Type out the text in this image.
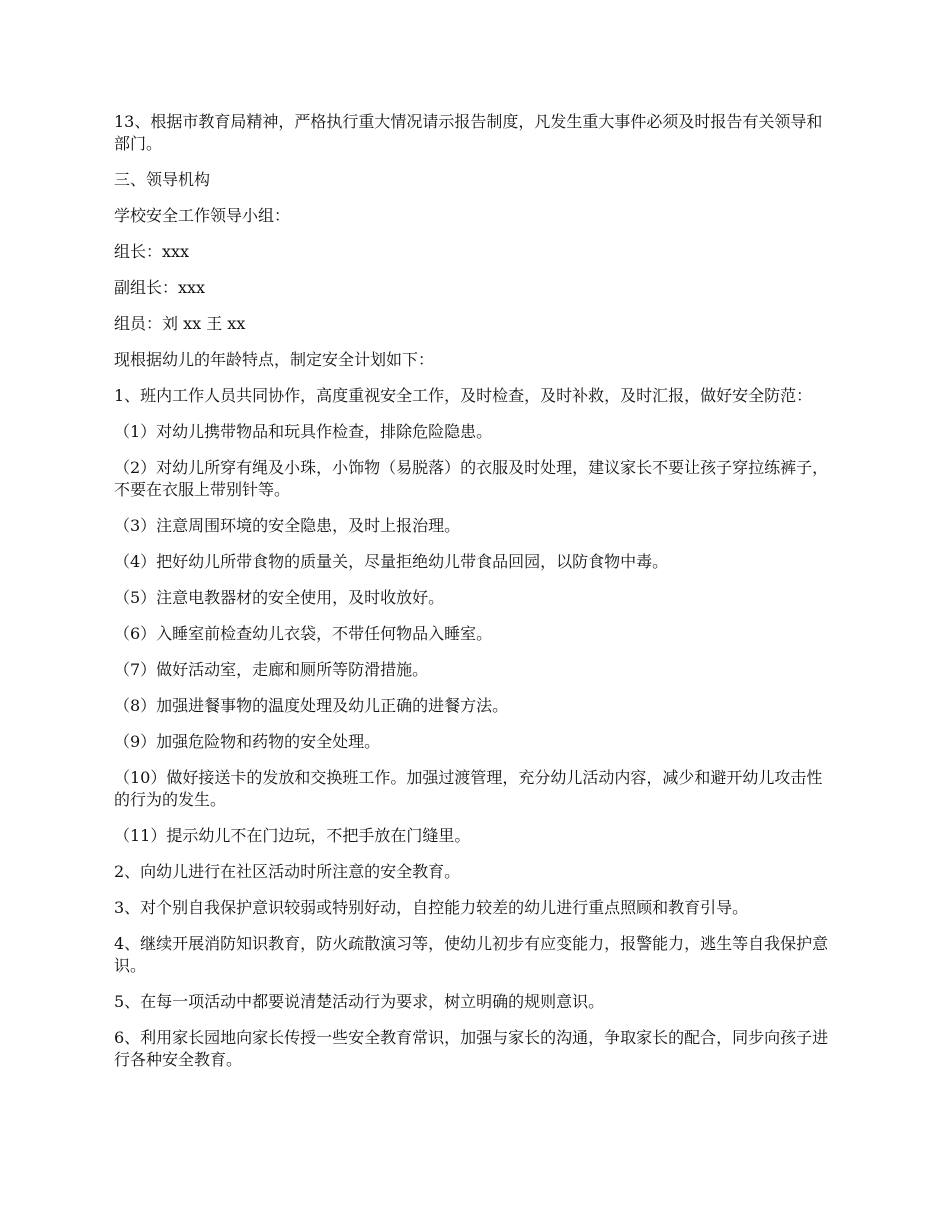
13、根据市教育局精神，严格执行重大情况请示报告制度，凡发生重大事件必须及时报告有关领导和部门。

三、领导机构

学校安全工作领导小组：

组长：xxx

副组长：xxx

组员：刘 xx 王 xx

现根据幼儿的年龄特点，制定安全计划如下：

1、班内工作人员共同协作，高度重视安全工作，及时检查，及时补救，及时汇报，做好安全防范：

（1）对幼儿携带物品和玩具作检查，排除危险隐患。

（2）对幼儿所穿有绳及小珠，小饰物（易脱落）的衣服及时处理，建议家长不要让孩子穿拉练裤子，不要在衣服上带别针等。

（3）注意周围环境的安全隐患，及时上报治理。

（4）把好幼儿所带食物的质量关，尽量拒绝幼儿带食品回园，以防食物中毒。

（5）注意电教器材的安全使用，及时收放好。

（6）入睡室前检查幼儿衣袋，不带任何物品入睡室。

（7）做好活动室，走廊和厕所等防滑措施。

（8）加强进餐事物的温度处理及幼儿正确的进餐方法。

（9）加强危险物和药物的安全处理。

（10）做好接送卡的发放和交换班工作。加强过渡管理，充分幼儿活动内容，减少和避开幼儿攻击性的行为的发生。

（11）提示幼儿不在门边玩，不把手放在门缝里。

2、向幼儿进行在社区活动时所注意的安全教育。

3、对个别自我保护意识较弱或特别好动，自控能力较差的幼儿进行重点照顾和教育引导。

4、继续开展消防知识教育，防火疏散演习等，使幼儿初步有应变能力，报警能力，逃生等自我保护意识。

5、在每一项活动中都要说清楚活动行为要求，树立明确的规则意识。

6、利用家长园地向家长传授一些安全教育常识，加强与家长的沟通，争取家长的配合，同步向孩子进行各种安全教育。
